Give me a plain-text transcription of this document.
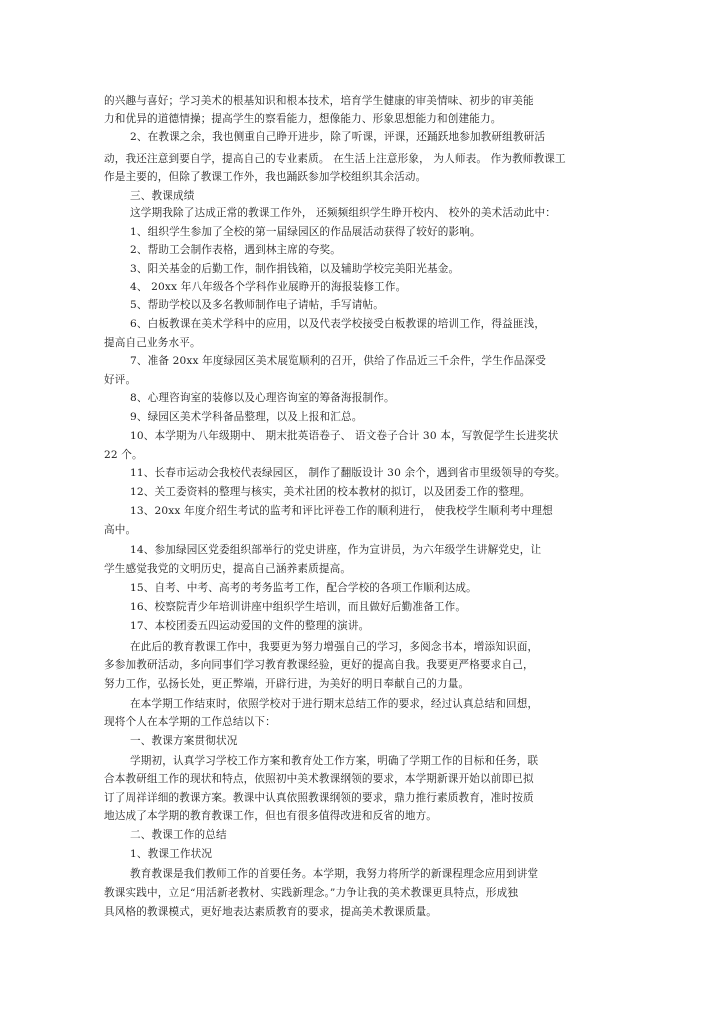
的兴趣与喜好；学习美术的根基知识和根本技术，培育学生健康的审美情味、初步的审美能
力和优异的道德情操；提高学生的察看能力，想像能力、形象思想能力和创建能力。
2、在教课之余，我也侧重自己睁开进步，除了听课，评课，还踊跃地参加教研组教研活
动，我还注意到要自学，提高自己的专业素质。 在生活上注意形象， 为人师表。 作为教师教课工
作是主要的，但除了教课工作外，我也踊跃参加学校组织其余活动。
三、教课成绩
这学期我除了达成正常的教课工作外， 还频频组织学生睁开校内、 校外的美术活动此中：
1、组织学生参加了全校的第一届绿园区的作品展活动获得了较好的影响。
2、帮助工会制作表格，遇到林主席的夸奖。
3、阳关基金的后勤工作，制作捐钱箱，以及辅助学校完美阳光基金。
4、 20xx 年八年级各个学科作业展睁开的海报装修工作。
5、帮助学校以及多名教师制作电子请帖，手写请帖。
6、白板教课在美术学科中的应用，以及代表学校接受白板教课的培训工作，得益匪浅，
提高自己业务水平。
7、准备 20xx 年度绿园区美术展览顺利的召开，供给了作品近三千余件，学生作品深受
好评。
8、心理咨询室的装修以及心理咨询室的筹备海报制作。
9、绿园区美术学科备品整理，以及上报和汇总。
10、本学期为八年级期中、 期末批英语卷子、 语文卷子合计 30 本，写敦促学生长进奖状
22 个。
11、长春市运动会我校代表绿园区， 制作了翻版设计 30 余个，遇到省市里级领导的夸奖。
12、关工委资料的整理与核实，美术社团的校本教材的拟订，以及团委工作的整理。
13、20xx 年度介绍生考试的监考和评比评卷工作的顺利进行， 使我校学生顺利考中理想
高中。
14、参加绿园区党委组织部举行的党史讲座，作为宣讲员，为六年级学生讲解党史，让
学生感觉我党的文明历史，提高自己涵养素质提高。
15、自考、中考、高考的考务监考工作，配合学校的各项工作顺利达成。
16、校察院青少年培训讲座中组织学生培训，而且做好后勤准备工作。
17、本校团委五四运动爱国的文件的整理的演讲。
在此后的教育教课工作中，我要更为努力增强自己的学习，多阅念书本，增添知识面，
多参加教研活动，多向同事们学习教育教课经验，更好的提高自我。我要更严格要求自己，
努力工作，弘扬长处，更正弊端，开辟行进，为美好的明日奉献自己的力量。
在本学期工作结束时，依照学校对于进行期末总结工作的要求，经过认真总结和回想，
现将个人在本学期的工作总结以下：
一、教课方案贯彻状况
学期初，认真学习学校工作方案和教育处工作方案，明确了学期工作的目标和任务，联
合本教研组工作的现状和特点，依照初中美术教课纲领的要求，本学期新课开始以前即已拟
订了周祥详细的教课方案。教课中认真依照教课纲领的要求，鼎力推行素质教育，准时按质
地达成了本学期的教育教课工作，但也有很多值得改进和反省的地方。
二、教课工作的总结
1、教课工作状况
教育教课是我们教师工作的首要任务。本学期，我努力将所学的新课程理念应用到讲堂
教课实践中，立足“用活新老教材、实践新理念。”力争让我的美术教课更具特点，形成独
具风格的教课模式，更好地表达素质教育的要求，提高美术教课质量。
